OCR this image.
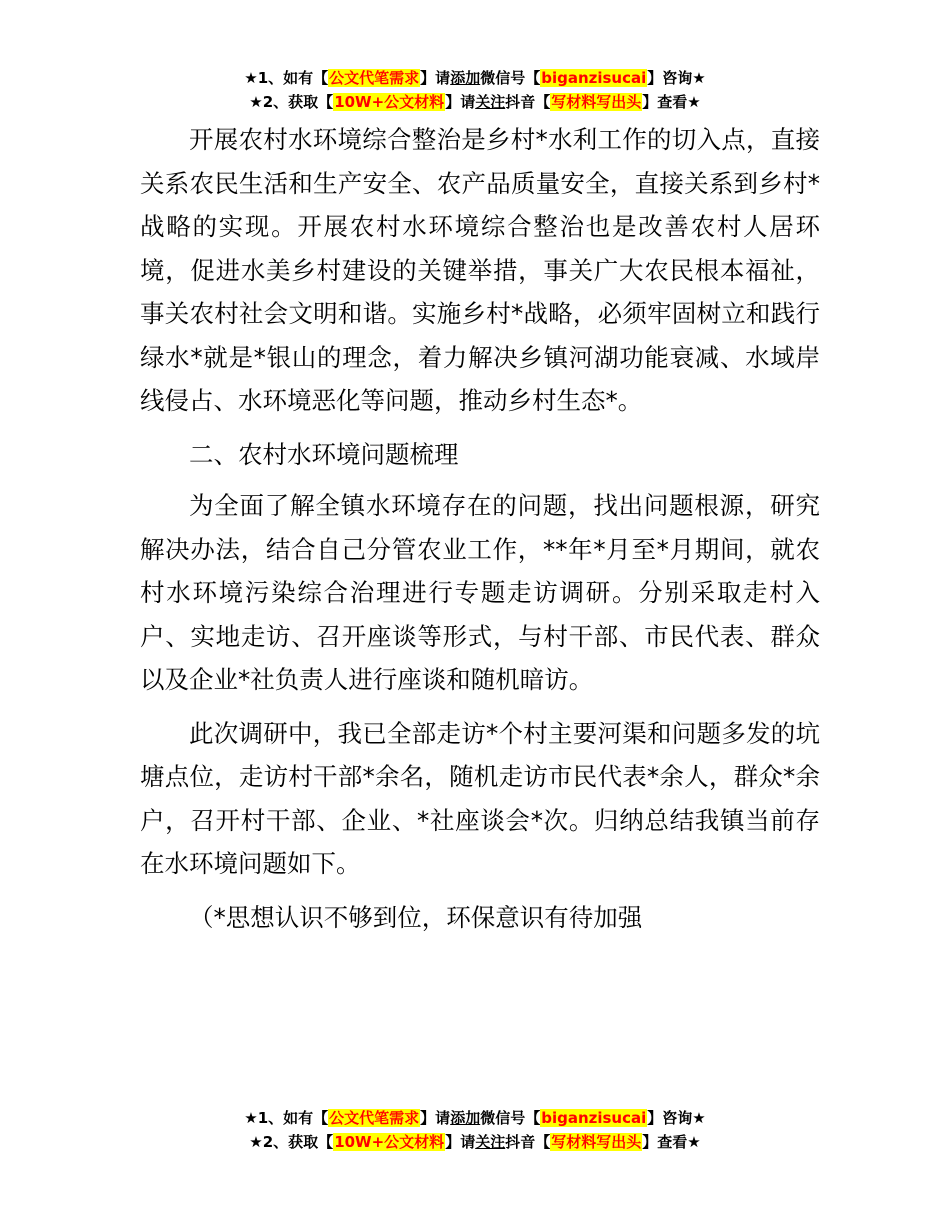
★1、如有【公文代笔需求】请添加微信号【biganzisucai】咨询★
★2、获取【10W+公文材料】请关注抖音【写材料写出头】查看★

开展农村水环境综合整治是乡村*水利工作的切入点，直接关系农民生活和生产安全、农产品质量安全，直接关系到乡村*战略的实现。开展农村水环境综合整治也是改善农村人居环境，促进水美乡村建设的关键举措，事关广大农民根本福祉，事关农村社会文明和谐。实施乡村*战略，必须牢固树立和践行绿水*就是*银山的理念，着力解决乡镇河湖功能衰减、水域岸线侵占、水环境恶化等问题，推动乡村生态*。

二、农村水环境问题梳理

为全面了解全镇水环境存在的问题，找出问题根源，研究解决办法，结合自己分管农业工作，**年*月至*月期间，就农村水环境污染综合治理进行专题走访调研。分别采取走村入户、实地走访、召开座谈等形式，与村干部、市民代表、群众以及企业*社负责人进行座谈和随机暗访。

此次调研中，我已全部走访*个村主要河渠和问题多发的坑塘点位，走访村干部*余名，随机走访市民代表*余人，群众*余户，召开村干部、企业、*社座谈会*次。归纳总结我镇当前存在水环境问题如下。

（*思想认识不够到位，环保意识有待加强

★1、如有【公文代笔需求】请添加微信号【biganzisucai】咨询★
★2、获取【10W+公文材料】请关注抖音【写材料写出头】查看★
